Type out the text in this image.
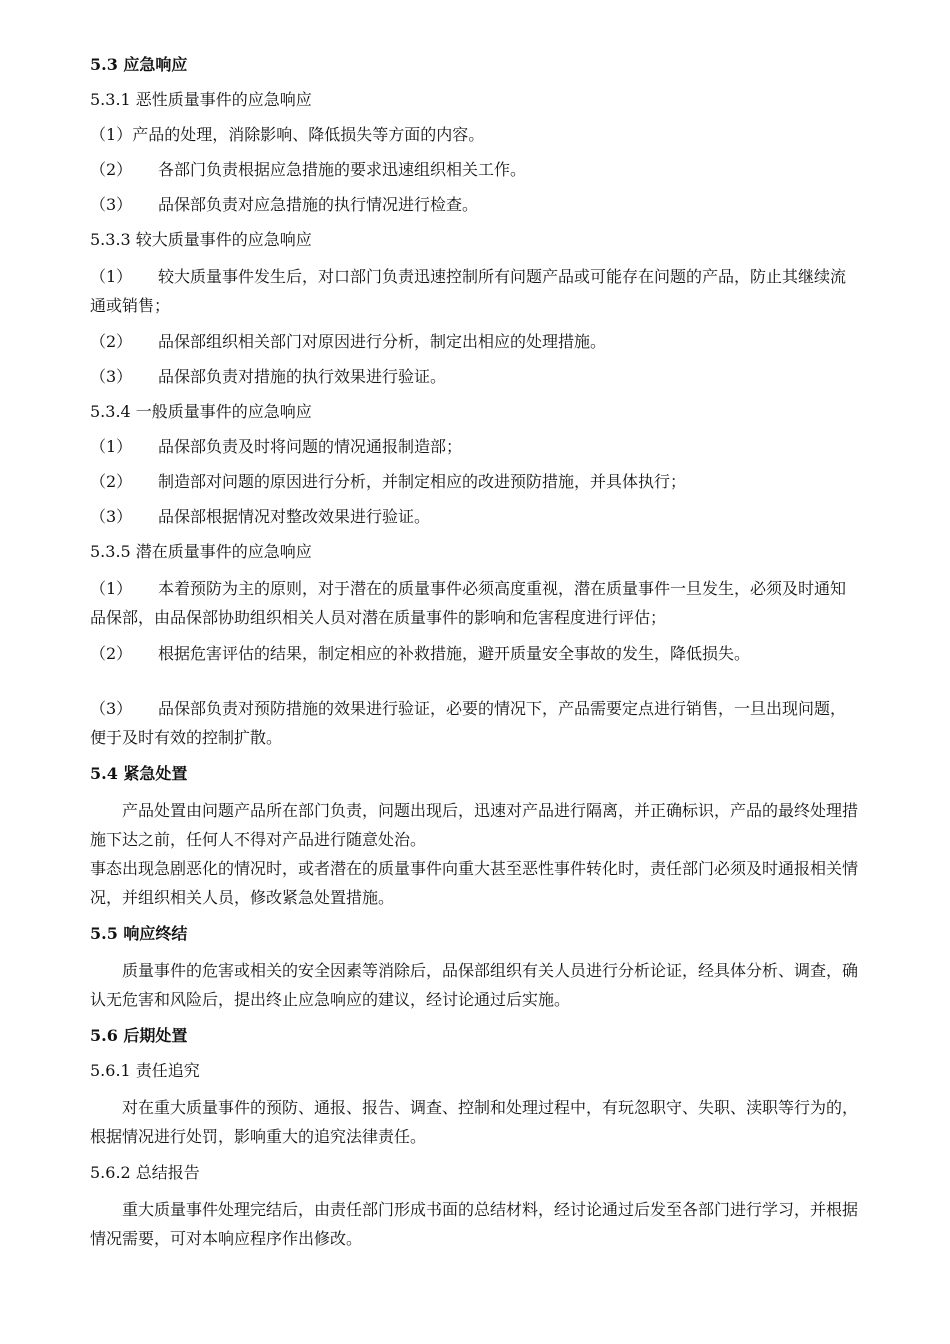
5.3 应急响应
5.3.1 恶性质量事件的应急响应
（1）产品的处理，消除影响、降低损失等方面的内容。
（2） 各部门负责根据应急措施的要求迅速组织相关工作。
（3） 品保部负责对应急措施的执行情况进行检查。
5.3.3 较大质量事件的应急响应
（1） 较大质量事件发生后，对口部门负责迅速控制所有问题产品或可能存在问题的产品，防止其继续流通或销售；
（2） 品保部组织相关部门对原因进行分析，制定出相应的处理措施。
（3） 品保部负责对措施的执行效果进行验证。
5.3.4 一般质量事件的应急响应
（1） 品保部负责及时将问题的情况通报制造部；
（2） 制造部对问题的原因进行分析，并制定相应的改进预防措施，并具体执行；
（3） 品保部根据情况对整改效果进行验证。
5.3.5 潜在质量事件的应急响应
（1） 本着预防为主的原则，对于潜在的质量事件必须高度重视，潜在质量事件一旦发生，必须及时通知品保部，由品保部协助组织相关人员对潜在质量事件的影响和危害程度进行评估；
（2） 根据危害评估的结果，制定相应的补救措施，避开质量安全事故的发生，降低损失。
（3） 品保部负责对预防措施的效果进行验证，必要的情况下，产品需要定点进行销售，一旦出现问题，便于及时有效的控制扩散。
5.4 紧急处置
产品处置由问题产品所在部门负责，问题出现后，迅速对产品进行隔离，并正确标识，产品的最终处理措施下达之前，任何人不得对产品进行随意处治。
事态出现急剧恶化的情况时，或者潜在的质量事件向重大甚至恶性事件转化时，责任部门必须及时通报相关情况，并组织相关人员，修改紧急处置措施。
5.5 响应终结
质量事件的危害或相关的安全因素等消除后，品保部组织有关人员进行分析论证，经具体分析、调查，确认无危害和风险后，提出终止应急响应的建议，经讨论通过后实施。
5.6 后期处置
5.6.1 责任追究
对在重大质量事件的预防、通报、报告、调查、控制和处理过程中，有玩忽职守、失职、渎职等行为的，根据情况进行处罚，影响重大的追究法律责任。
5.6.2 总结报告
重大质量事件处理完结后，由责任部门形成书面的总结材料，经讨论通过后发至各部门进行学习，并根据情况需要，可对本响应程序作出修改。
